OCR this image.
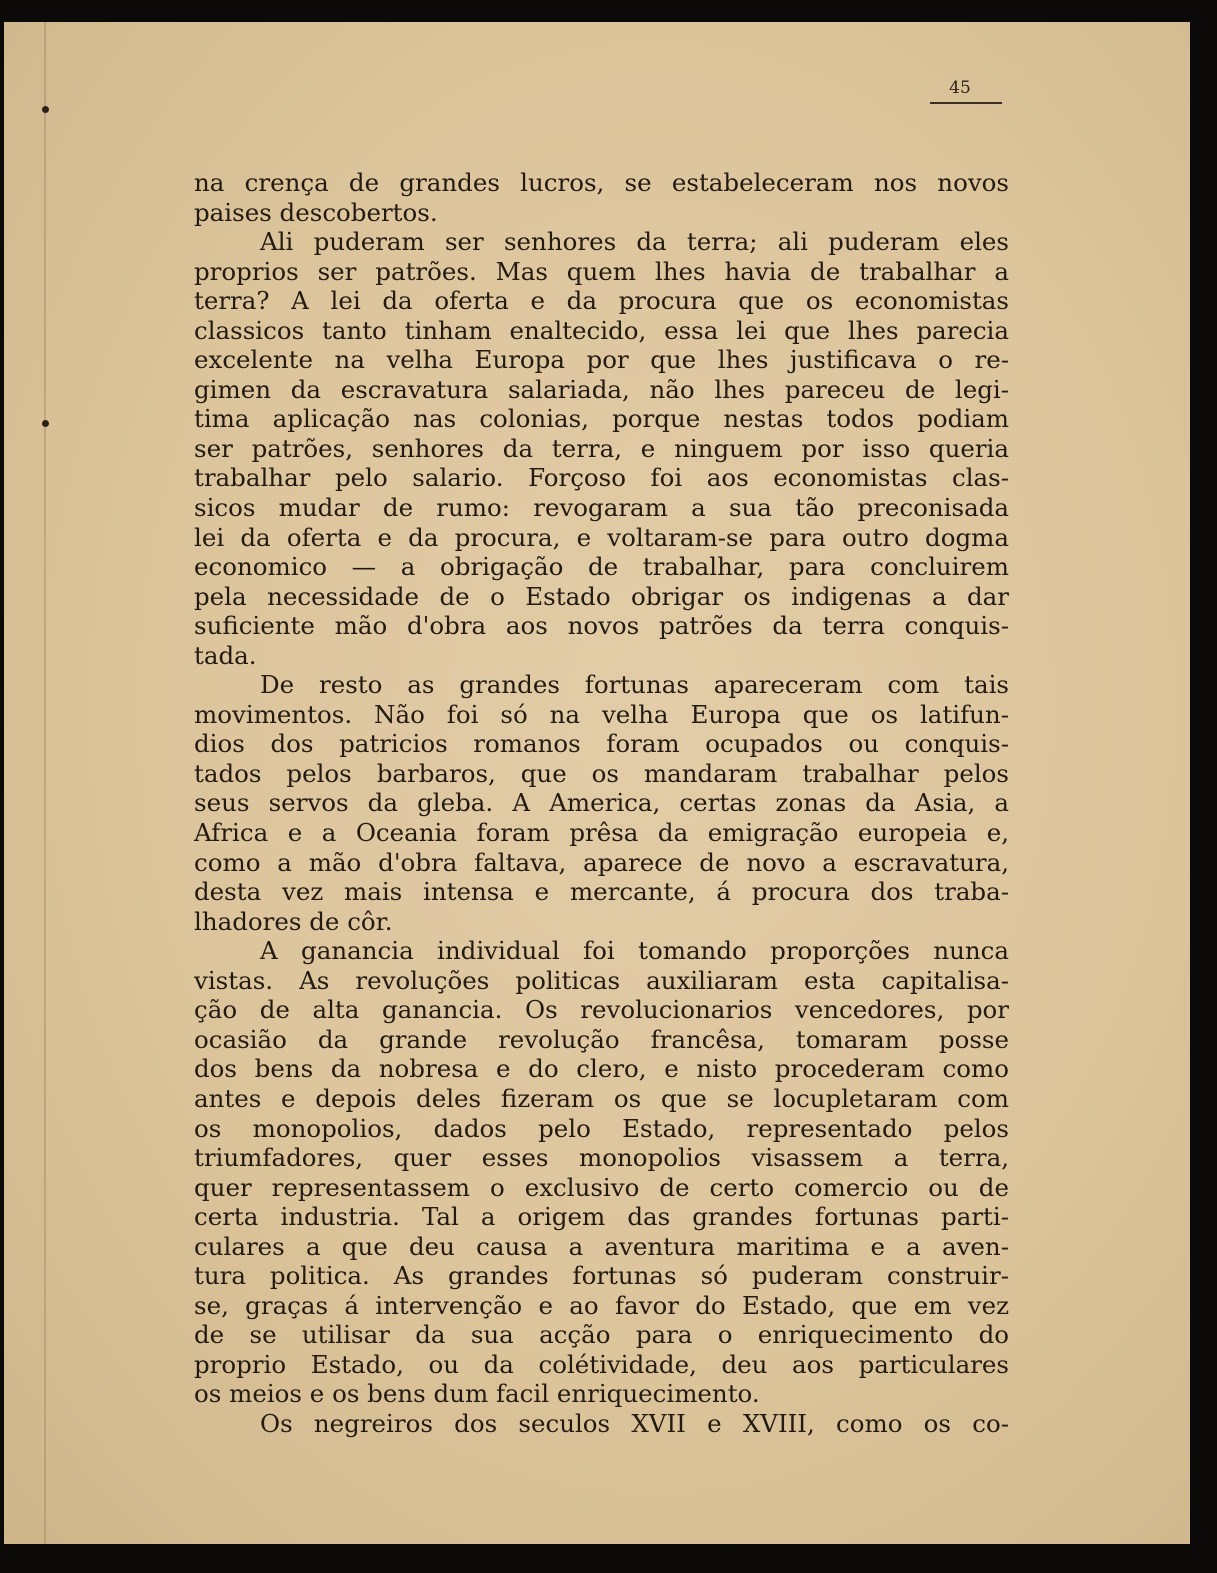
45
na crença de grandes lucros, se estabeleceram nos novos
paises descobertos.
Ali puderam ser senhores da terra; ali puderam eles
proprios ser patrões. Mas quem lhes havia de trabalhar a
terra? A lei da oferta e da procura que os economistas
classicos tanto tinham enaltecido, essa lei que lhes parecia
excelente na velha Europa por que lhes justificava o re-
gimen da escravatura salariada, não lhes pareceu de legi-
tima aplicação nas colonias, porque nestas todos podiam
ser patrões, senhores da terra, e ninguem por isso queria
trabalhar pelo salario. Forçoso foi aos economistas clas-
sicos mudar de rumo: revogaram a sua tão preconisada
lei da oferta e da procura, e voltaram-se para outro dogma
economico — a obrigação de trabalhar, para concluirem
pela necessidade de o Estado obrigar os indigenas a dar
suficiente mão d'obra aos novos patrões da terra conquis-
tada.
De resto as grandes fortunas apareceram com tais
movimentos. Não foi só na velha Europa que os latifun-
dios dos patricios romanos foram ocupados ou conquis-
tados pelos barbaros, que os mandaram trabalhar pelos
seus servos da gleba. A America, certas zonas da Asia, a
Africa e a Oceania foram prêsa da emigração europeia e,
como a mão d'obra faltava, aparece de novo a escravatura,
desta vez mais intensa e mercante, á procura dos traba-
lhadores de côr.
A ganancia individual foi tomando proporções nunca
vistas. As revoluções politicas auxiliaram esta capitalisa-
ção de alta ganancia. Os revolucionarios vencedores, por
ocasião da grande revolução francêsa, tomaram posse
dos bens da nobresa e do clero, e nisto procederam como
antes e depois deles fizeram os que se locupletaram com
os monopolios, dados pelo Estado, representado pelos
triumfadores, quer esses monopolios visassem a terra,
quer representassem o exclusivo de certo comercio ou de
certa industria. Tal a origem das grandes fortunas parti-
culares a que deu causa a aventura maritima e a aven-
tura politica. As grandes fortunas só puderam construir-
se, graças á intervenção e ao favor do Estado, que em vez
de se utilisar da sua acção para o enriquecimento do
proprio Estado, ou da colétividade, deu aos particulares
os meios e os bens dum facil enriquecimento.
Os negreiros dos seculos XVII e XVIII, como os co-
